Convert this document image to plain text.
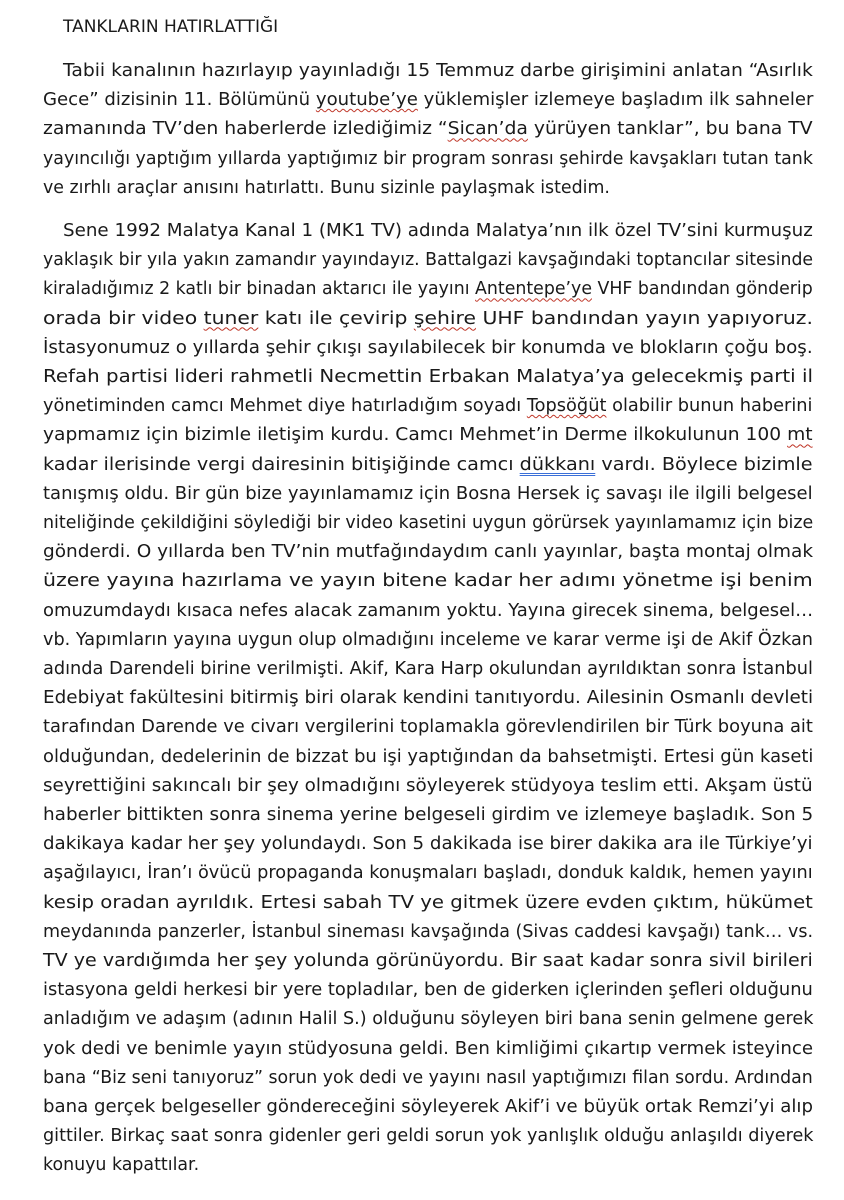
TANKLARIN HATIRLATTIĞI
Tabii kanalının hazırlayıp yayınladığı 15 Temmuz darbe girişimini anlatan “Asırlık
Gece” dizisinin 11. Bölümünü youtube’ye yüklemişler izlemeye başladım ilk sahneler
zamanında TV’den haberlerde izlediğimiz “Sican’da yürüyen tanklar”, bu bana TV
yayıncılığı yaptığım yıllarda yaptığımız bir program sonrası şehirde kavşakları tutan tank
ve zırhlı araçlar anısını hatırlattı. Bunu sizinle paylaşmak istedim.
Sene 1992 Malatya Kanal 1 (MK1 TV) adında Malatya’nın ilk özel TV’sini kurmuşuz
yaklaşık bir yıla yakın zamandır yayındayız. Battalgazi kavşağındaki toptancılar sitesinde
kiraladığımız 2 katlı bir binadan aktarıcı ile yayını Antentepe’ye VHF bandından gönderip
orada bir video tuner katı ile çevirip şehire UHF bandından yayın yapıyoruz.
İstasyonumuz o yıllarda şehir çıkışı sayılabilecek bir konumda ve blokların çoğu boş.
Refah partisi lideri rahmetli Necmettin Erbakan Malatya’ya gelecekmiş parti il
yönetiminden camcı Mehmet diye hatırladığım soyadı Topsöğüt olabilir bunun haberini
yapmamız için bizimle iletişim kurdu. Camcı Mehmet’in Derme ilkokulunun 100 mt
kadar ilerisinde vergi dairesinin bitişiğinde camcı dükkanı vardı. Böylece bizimle
tanışmış oldu. Bir gün bize yayınlamamız için Bosna Hersek iç savaşı ile ilgili belgesel
niteliğinde çekildiğini söylediği bir video kasetini uygun görürsek yayınlamamız için bize
gönderdi. O yıllarda ben TV’nin mutfağındaydım canlı yayınlar, başta montaj olmak
üzere yayına hazırlama ve yayın bitene kadar her adımı yönetme işi benim
omuzumdaydı kısaca nefes alacak zamanım yoktu. Yayına girecek sinema, belgesel…
vb. Yapımların yayına uygun olup olmadığını inceleme ve karar verme işi de Akif Özkan
adında Darendeli birine verilmişti. Akif, Kara Harp okulundan ayrıldıktan sonra İstanbul
Edebiyat fakültesini bitirmiş biri olarak kendini tanıtıyordu. Ailesinin Osmanlı devleti
tarafından Darende ve civarı vergilerini toplamakla görevlendirilen bir Türk boyuna ait
olduğundan, dedelerinin de bizzat bu işi yaptığından da bahsetmişti. Ertesi gün kaseti
seyrettiğini sakıncalı bir şey olmadığını söyleyerek stüdyoya teslim etti. Akşam üstü
haberler bittikten sonra sinema yerine belgeseli girdim ve izlemeye başladık. Son 5
dakikaya kadar her şey yolundaydı. Son 5 dakikada ise birer dakika ara ile Türkiye’yi
aşağılayıcı, İran’ı övücü propaganda konuşmaları başladı, donduk kaldık, hemen yayını
kesip oradan ayrıldık. Ertesi sabah TV ye gitmek üzere evden çıktım, hükümet
meydanında panzerler, İstanbul sineması kavşağında (Sivas caddesi kavşağı) tank… vs.
TV ye vardığımda her şey yolunda görünüyordu. Bir saat kadar sonra sivil birileri
istasyona geldi herkesi bir yere topladılar, ben de giderken içlerinden şefleri olduğunu
anladığım ve adaşım (adının Halil S.) olduğunu söyleyen biri bana senin gelmene gerek
yok dedi ve benimle yayın stüdyosuna geldi. Ben kimliğimi çıkartıp vermek isteyince
bana “Biz seni tanıyoruz” sorun yok dedi ve yayını nasıl yaptığımızı filan sordu. Ardından
bana gerçek belgeseller göndereceğini söyleyerek Akif’i ve büyük ortak Remzi’yi alıp
gittiler. Birkaç saat sonra gidenler geri geldi sorun yok yanlışlık olduğu anlaşıldı diyerek
konuyu kapattılar.
